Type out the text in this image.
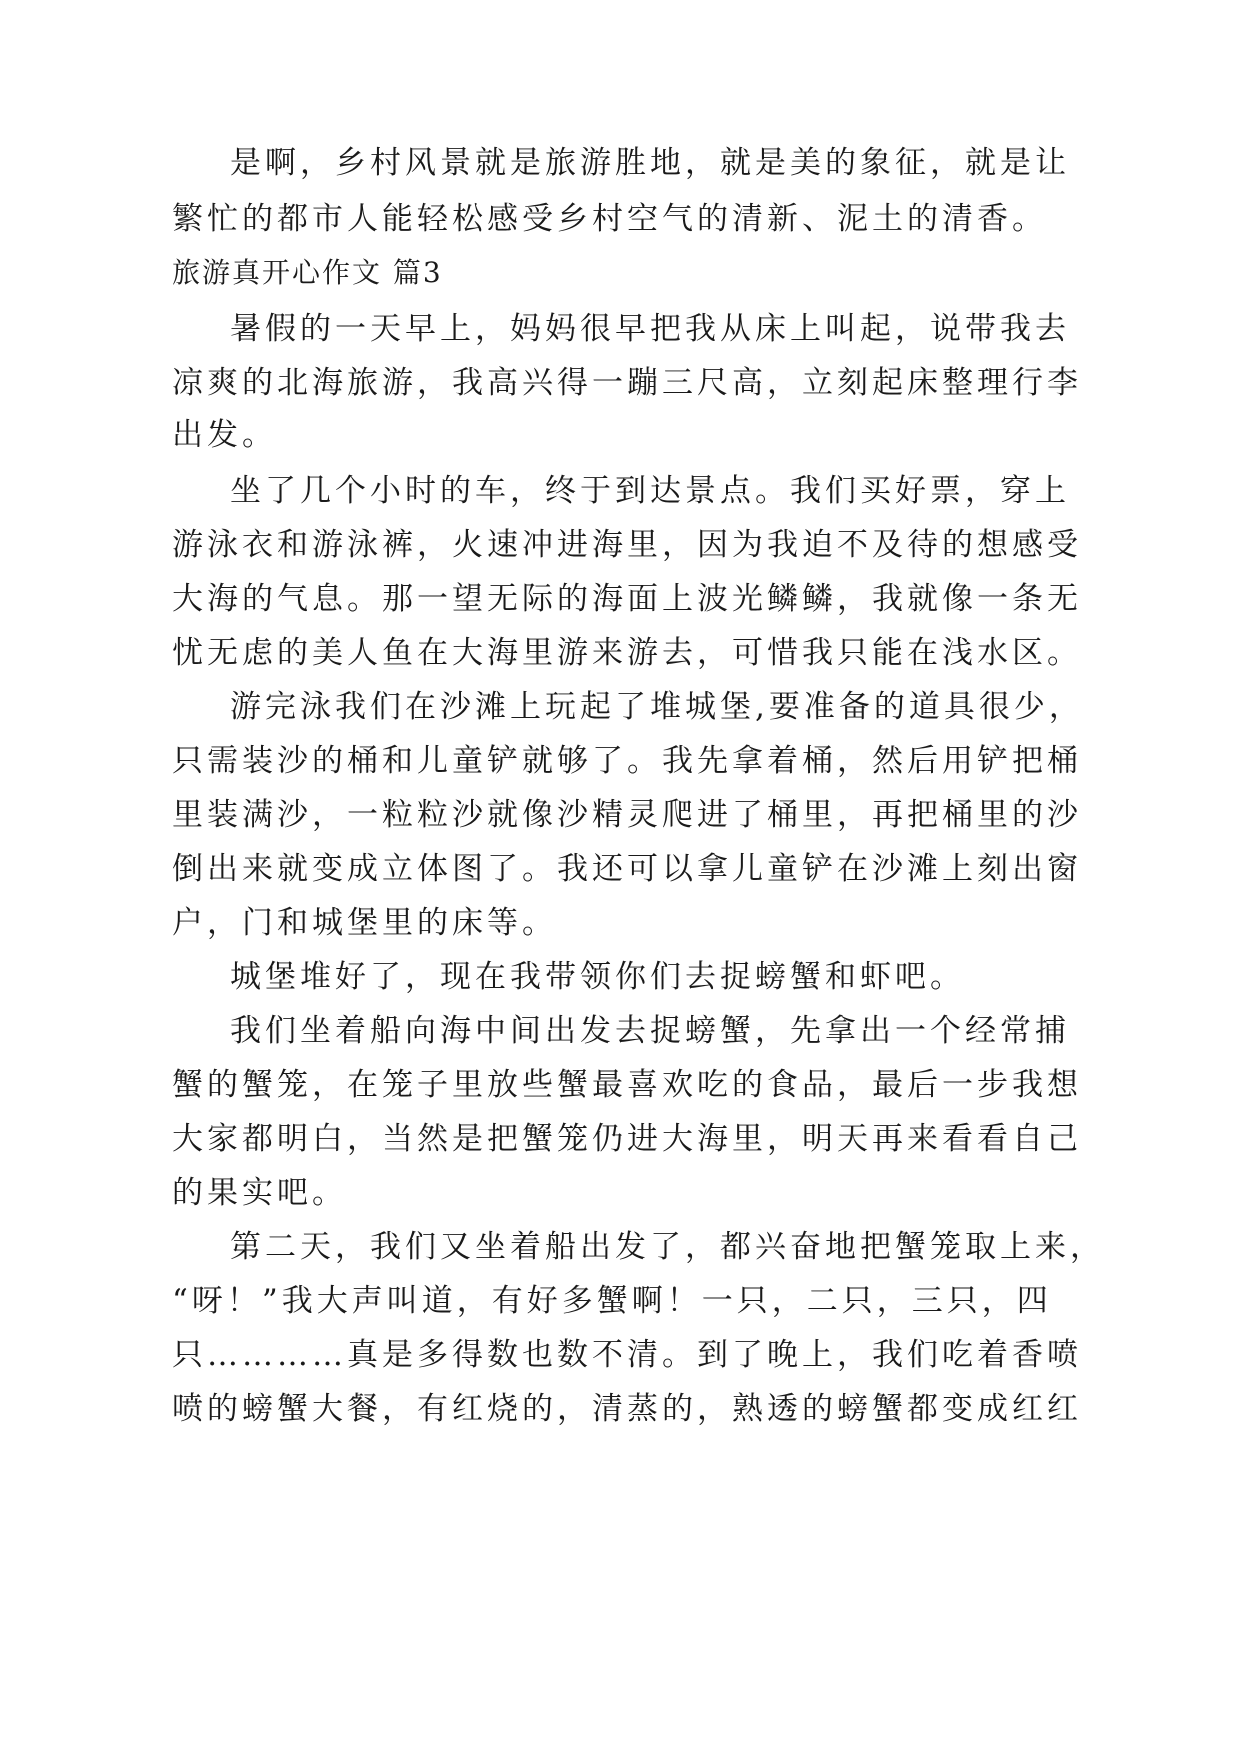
是啊，乡村风景就是旅游胜地，就是美的象征，就是让
繁忙的都市人能轻松感受乡村空气的清新、泥土的清香。
旅游真开心作文 篇3
暑假的一天早上，妈妈很早把我从床上叫起，说带我去
凉爽的北海旅游，我高兴得一蹦三尺高，立刻起床整理行李
出发。
坐了几个小时的车，终于到达景点。我们买好票，穿上
游泳衣和游泳裤，火速冲进海里，因为我迫不及待的想感受
大海的气息。那一望无际的海面上波光鳞鳞，我就像一条无
忧无虑的美人鱼在大海里游来游去，可惜我只能在浅水区。
游完泳我们在沙滩上玩起了堆城堡,要准备的道具很少，
只需装沙的桶和儿童铲就够了。我先拿着桶，然后用铲把桶
里装满沙，一粒粒沙就像沙精灵爬进了桶里，再把桶里的沙
倒出来就变成立体图了。我还可以拿儿童铲在沙滩上刻出窗
户，门和城堡里的床等。
城堡堆好了，现在我带领你们去捉螃蟹和虾吧。
我们坐着船向海中间出发去捉螃蟹，先拿出一个经常捕
蟹的蟹笼，在笼子里放些蟹最喜欢吃的食品，最后一步我想
大家都明白，当然是把蟹笼仍进大海里，明天再来看看自己
的果实吧。
第二天，我们又坐着船出发了，都兴奋地把蟹笼取上来，
“呀！”我大声叫道，有好多蟹啊！一只，二只，三只，四
只…………真是多得数也数不清。到了晚上，我们吃着香喷
喷的螃蟹大餐，有红烧的，清蒸的，熟透的螃蟹都变成红红
